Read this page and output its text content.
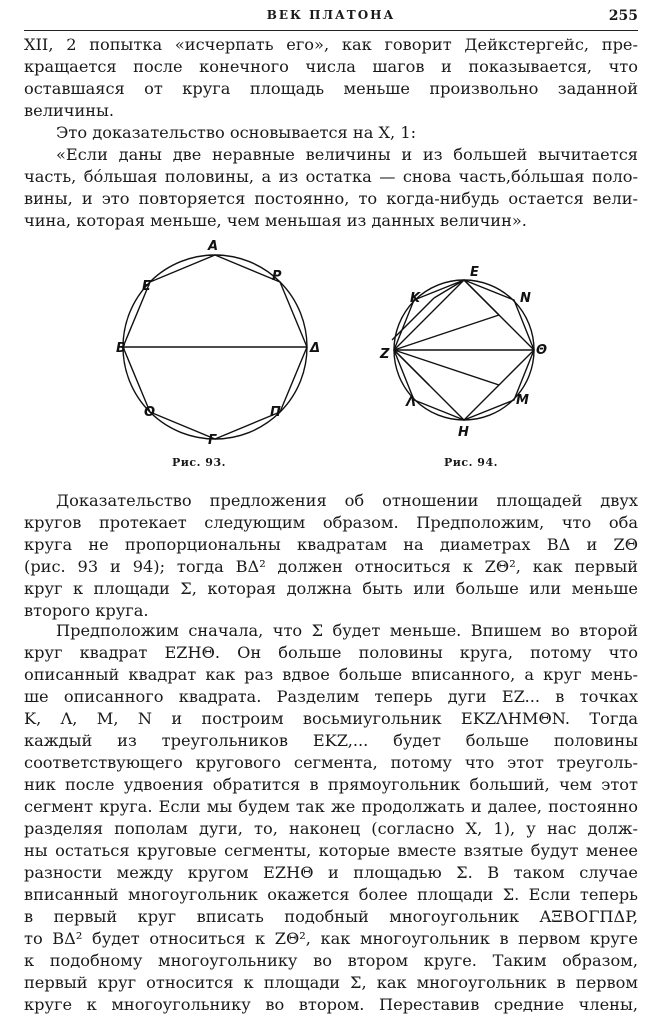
ВЕК ПЛАТОНА	255
XII, 2 попытка «исчерпать его», как говорит Дейкстергейс, пре-
кращается после конечного числа шагов и показывается, что
оставшаяся от круга площадь меньше произвольно заданной
величины.
Это доказательство основывается на X, 1:
«Если даны две неравные величины и из большей вычитается
часть, бо́льшая половины, а из остатка — снова часть,бо́льшая поло-
вины, и это повторяется постоянно, то когда-нибудь остается вели-
чина, которая меньше, чем меньшая из данных величин».
A
P
Δ
П
Г
O
B
E
E
N
Θ
M
H
Λ
Z
K
Рис. 93.	Рис. 94.
Доказательство предложения об отношении площадей двух
кругов протекает следующим образом. Предположим, что оба
круга не пропорциональны квадратам на диаметрах BΔ и ZΘ
(рис. 93 и 94); тогда BΔ² должен относиться к ZΘ², как первый
круг к площади Σ, которая должна быть или больше или меньше
второго круга.
Предположим сначала, что Σ будет меньше. Впишем во второй
круг квадрат EZHΘ. Он больше половины круга, потому что
описанный квадрат как раз вдвое больше вписанного, а круг мень-
ше описанного квадрата. Разделим теперь дуги EZ... в точках
K, Λ, M, N и построим восьмиугольник EKZΛHMΘN. Тогда
каждый из треугольников EKZ,... будет больше половины
соответствующего кругового сегмента, потому что этот треуголь-
ник после удвоения обратится в прямоугольник больший, чем этот
сегмент круга. Если мы будем так же продолжать и далее, постоянно
разделяя пополам дуги, то, наконец (согласно X, 1), у нас долж-
ны остаться круговые сегменты, которые вместе взятые будут менее
разности между кругом EZHΘ и площадью Σ. В таком случае
вписанный многоугольник окажется более площади Σ. Если теперь
в первый круг вписать подобный многоугольник AΞBOΓΠΔP,
то BΔ² будет относиться к ZΘ², как многоугольник в первом круге
к подобному многоугольнику во втором круге. Таким образом,
первый круг относится к площади Σ, как многоугольник в первом
круге к многоугольнику во втором. Переставив средние члены,
